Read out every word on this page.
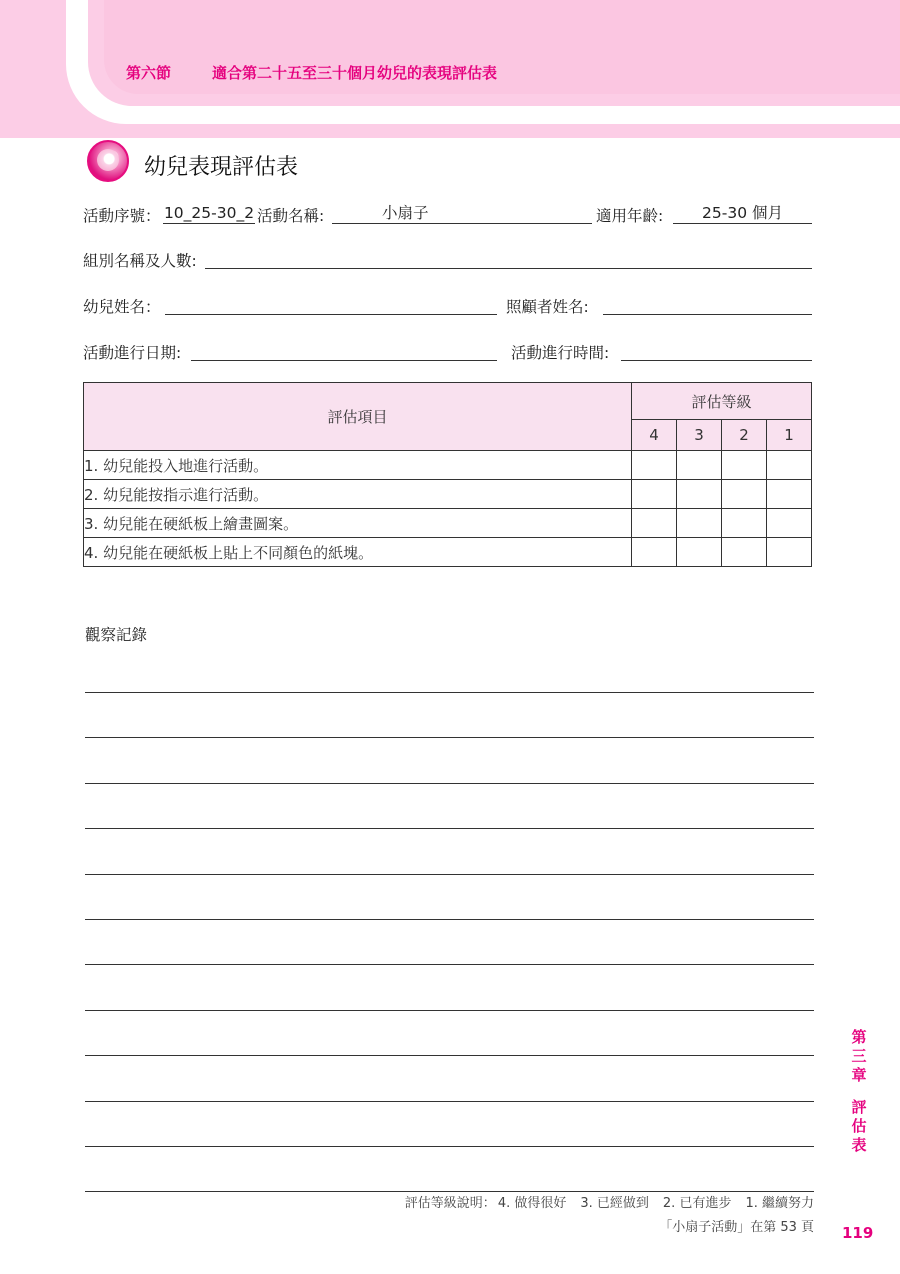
第六節	適合第二十五至三十個月幼兒的表現評估表
幼兒表現評估表
活動序號： 10_25-30_2 活動名稱:	小扇子	適用年齡:	25-30 個月
組別名稱及人數:
幼兒姓名：	照顧者姓名:
活動進行日期:	活動進行時間:
評估項目	評估等級			
	4	3	2	1
1. 幼兒能投入地進行活動。				
2. 幼兒能按指示進行活動。				
3. 幼兒能在硬紙板上繪畫圖案。				
4. 幼兒能在硬紙板上貼上不同顏色的紙塊。				
觀察記錄
評估等級說明： 4. 做得很好 3. 已經做到 2. 已有進步 1. 繼續努力
「小扇子活動」在第 53 頁 119
第三章
評估表
